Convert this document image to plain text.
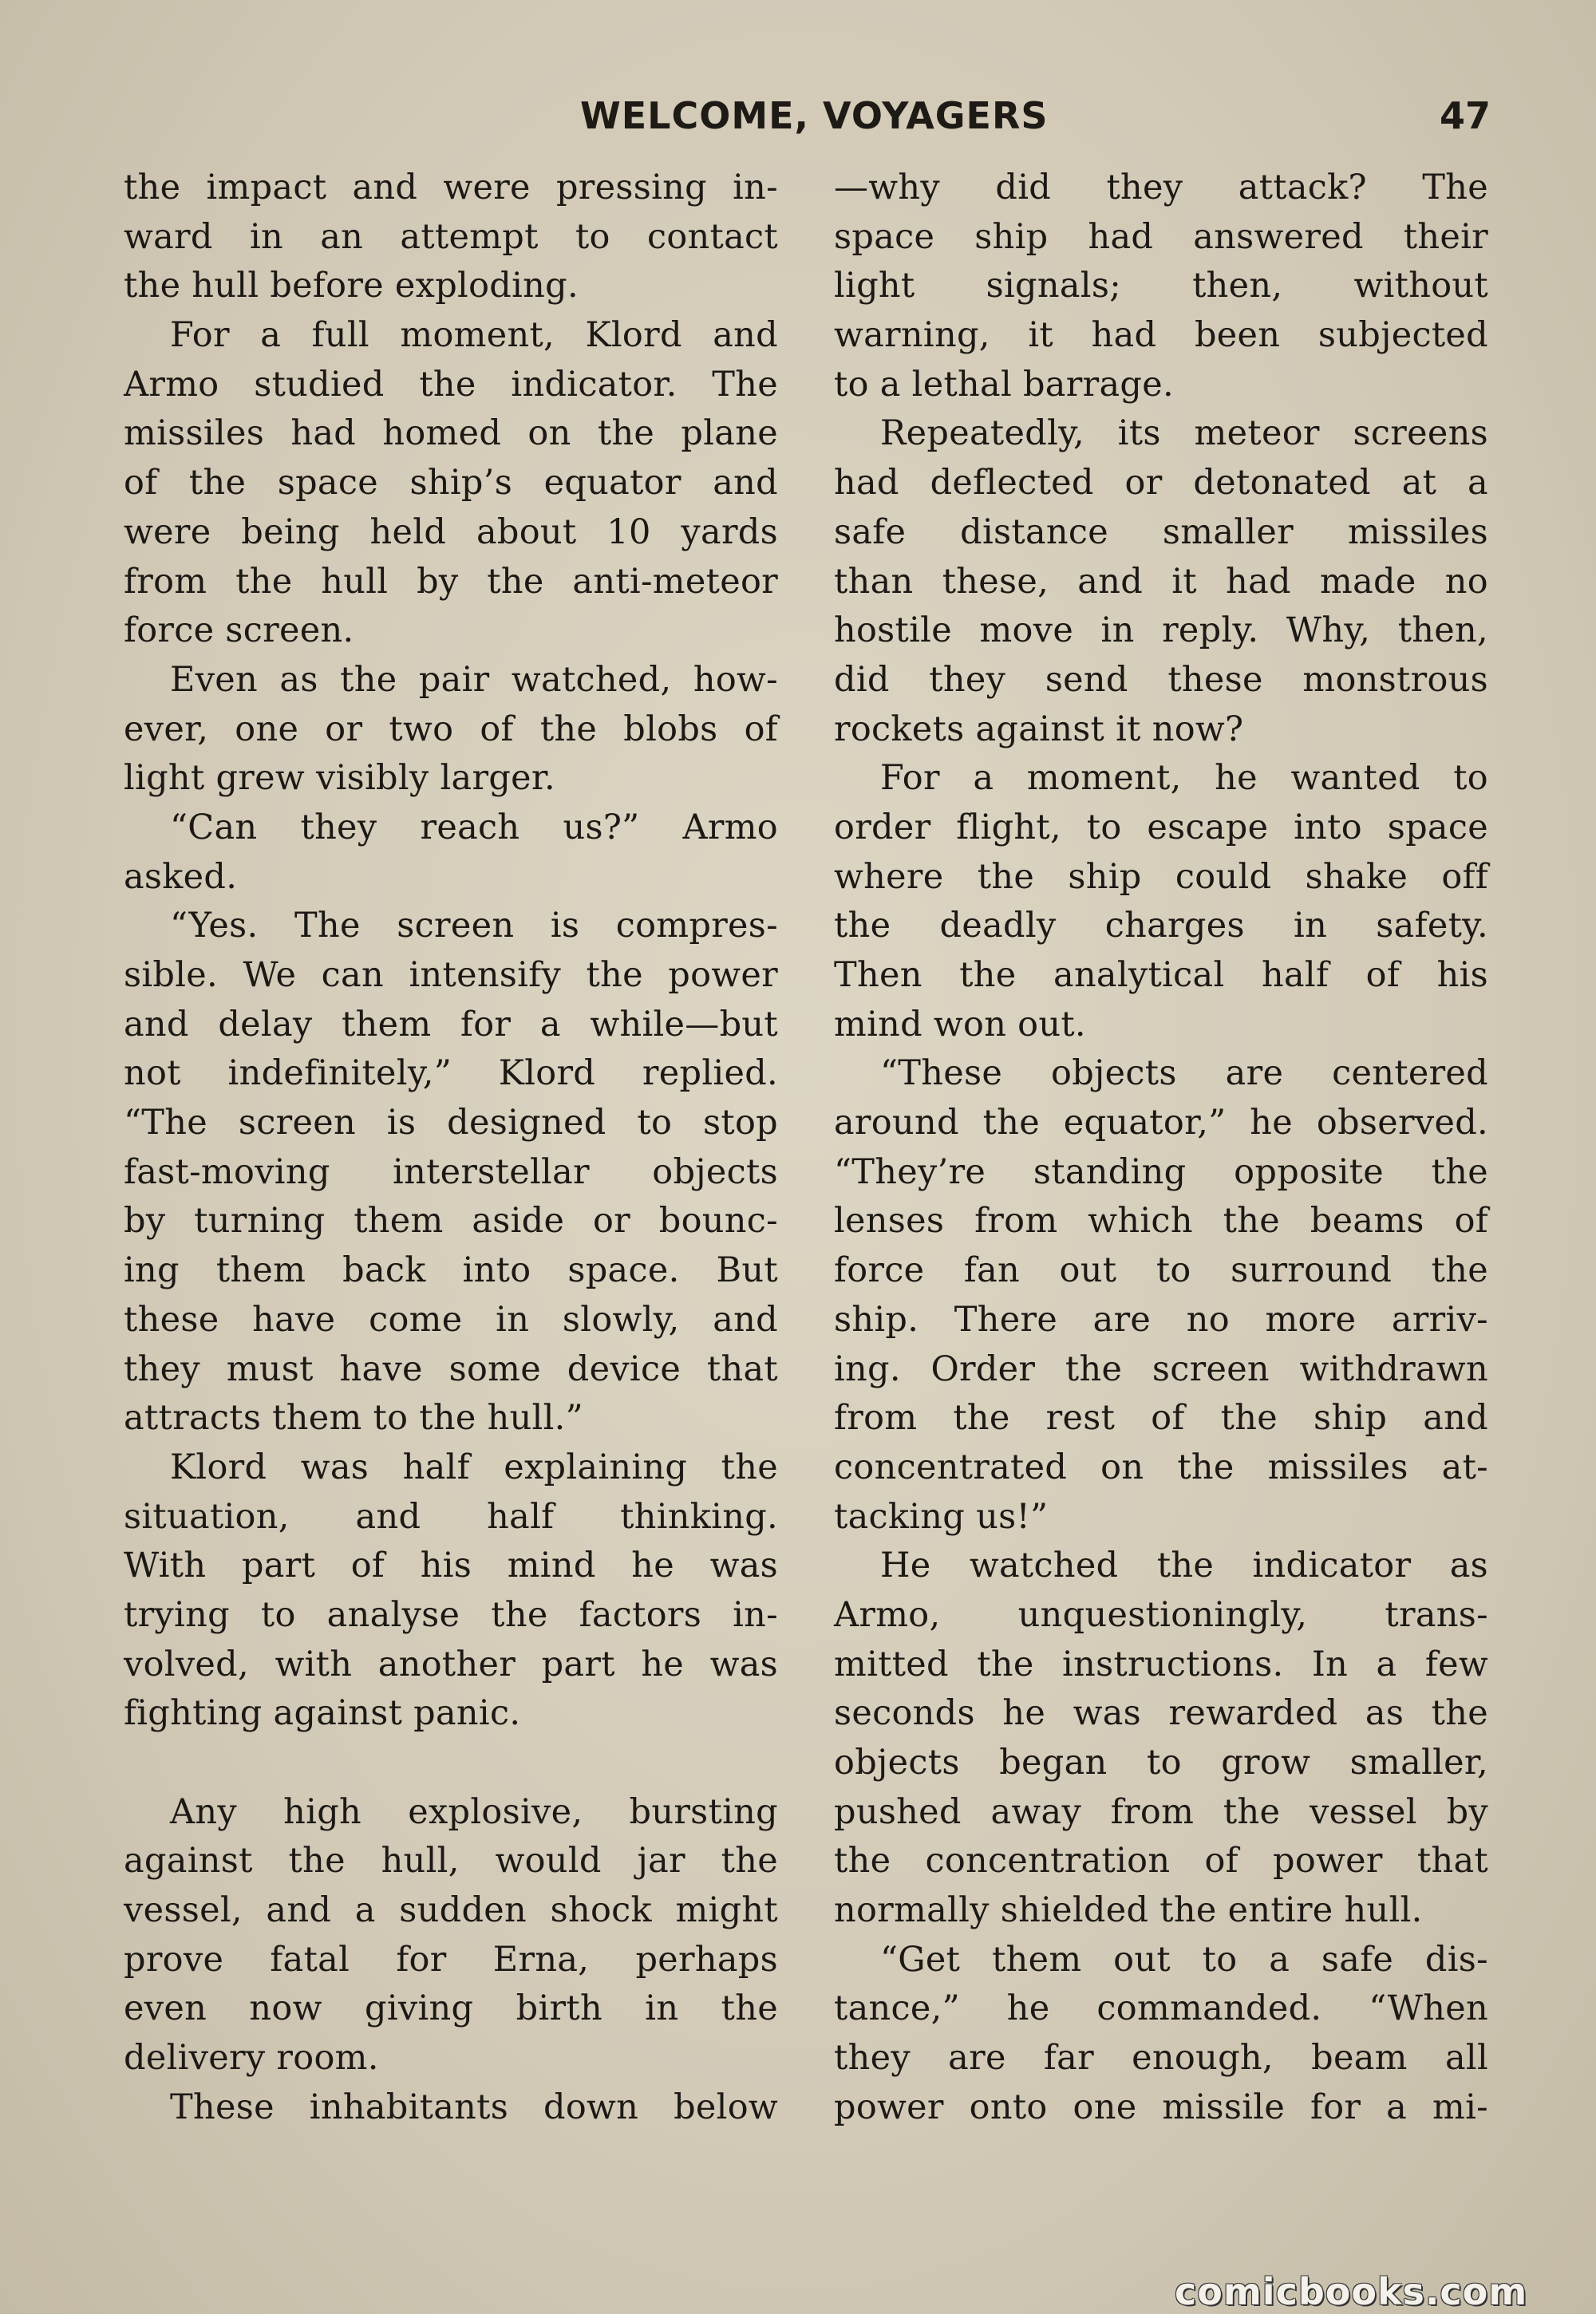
WELCOME, VOYAGERS	47
the impact and were pressing in-
ward in an attempt to contact
the hull before exploding.
For a full moment, Klord and
Armo studied the indicator. The
missiles had homed on the plane
of the space ship’s equator and
were being held about 10 yards
from the hull by the anti-meteor
force screen.
Even as the pair watched, how-
ever, one or two of the blobs of
light grew visibly larger.
“Can they reach us?” Armo
asked.
“Yes. The screen is compres-
sible. We can intensify the power
and delay them for a while—but
not indefinitely,” Klord replied.
“The screen is designed to stop
fast-moving interstellar objects
by turning them aside or bounc-
ing them back into space. But
these have come in slowly, and
they must have some device that
attracts them to the hull.”
Klord was half explaining the
situation, and half thinking.
With part of his mind he was
trying to analyse the factors in-
volved, with another part he was
fighting against panic.
Any high explosive, bursting
against the hull, would jar the
vessel, and a sudden shock might
prove fatal for Erna, perhaps
even now giving birth in the
delivery room.
These inhabitants down below
—why did they attack? The
space ship had answered their
light signals; then, without
warning, it had been subjected
to a lethal barrage.
Repeatedly, its meteor screens
had deflected or detonated at a
safe distance smaller missiles
than these, and it had made no
hostile move in reply. Why, then,
did they send these monstrous
rockets against it now?
For a moment, he wanted to
order flight, to escape into space
where the ship could shake off
the deadly charges in safety.
Then the analytical half of his
mind won out.
“These objects are centered
around the equator,” he observed.
“They’re standing opposite the
lenses from which the beams of
force fan out to surround the
ship. There are no more arriv-
ing. Order the screen withdrawn
from the rest of the ship and
concentrated on the missiles at-
tacking us!”
He watched the indicator as
Armo, unquestioningly, trans-
mitted the instructions. In a few
seconds he was rewarded as the
objects began to grow smaller,
pushed away from the vessel by
the concentration of power that
normally shielded the entire hull.
“Get them out to a safe dis-
tance,” he commanded. “When
they are far enough, beam all
power onto one missile for a mi-
comicbooks.com
